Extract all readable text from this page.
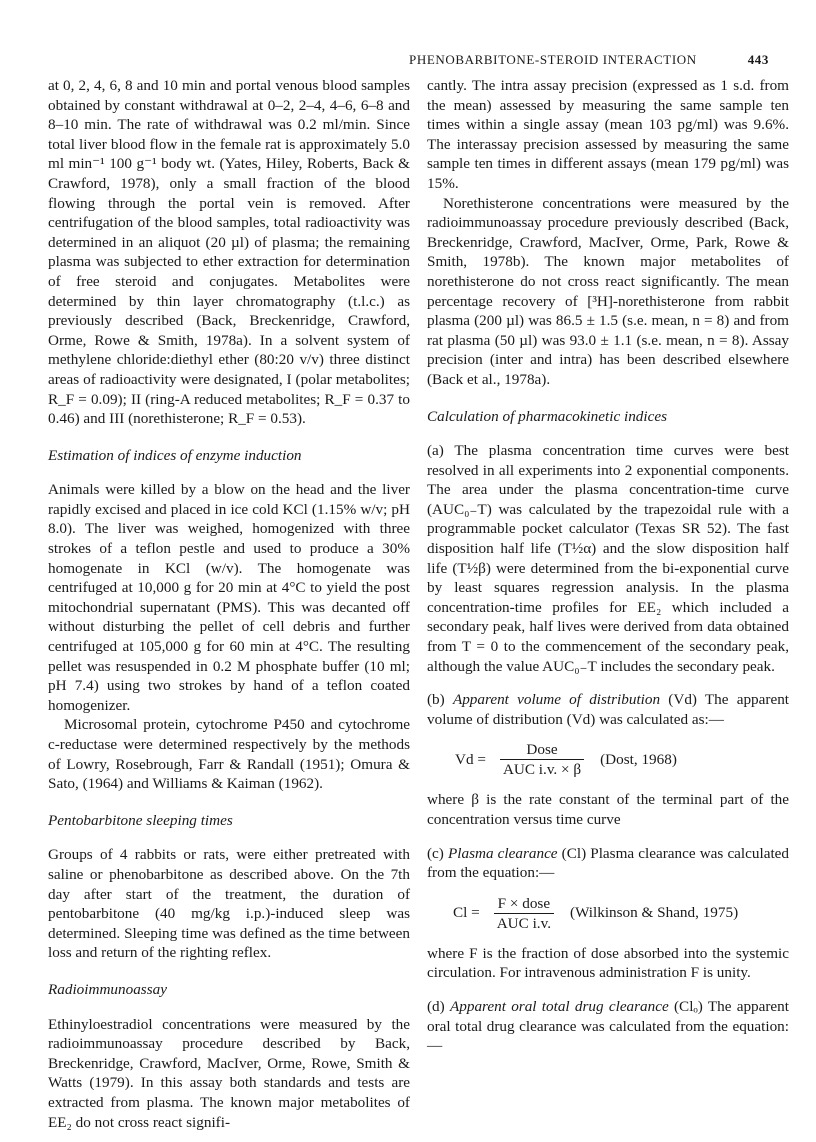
PHENOBARBITONE-STEROID INTERACTION	443

at 0, 2, 4, 6, 8 and 10 min and portal venous blood samples obtained by constant withdrawal at 0–2, 2–4, 4–6, 6–8 and 8–10 min. The rate of withdrawal was 0.2 ml/min. Since total liver blood flow in the female rat is approximately 5.0 ml min⁻¹ 100 g⁻¹ body wt. (Yates, Hiley, Roberts, Back & Crawford, 1978), only a small fraction of the blood flowing through the portal vein is removed. After centrifugation of the blood samples, total radioactivity was determined in an aliquot (20 µl) of plasma; the remaining plasma was subjected to ether extraction for determination of free steroid and conjugates. Metabolites were determined by thin layer chromatography (t.l.c.) as previously described (Back, Breckenridge, Crawford, Orme, Rowe & Smith, 1978a). In a solvent system of methylene chloride:diethyl ether (80:20 v/v) three distinct areas of radioactivity were designated, I (polar metabolites; R_F = 0.09); II (ring-A reduced metabolites; R_F = 0.37 to 0.46) and III (norethisterone; R_F = 0.53).

Estimation of indices of enzyme induction

Animals were killed by a blow on the head and the liver rapidly excised and placed in ice cold KCl (1.15% w/v; pH 8.0). The liver was weighed, homogenized with three strokes of a teflon pestle and used to produce a 30% homogenate in KCl (w/v). The homogenate was centrifuged at 10,000 g for 20 min at 4°C to yield the post mitochondrial supernatant (PMS). This was decanted off without disturbing the pellet of cell debris and further centrifuged at 105,000 g for 60 min at 4°C. The resulting pellet was resuspended in 0.2 M phosphate buffer (10 ml; pH 7.4) using two strokes by hand of a teflon coated homogenizer.

Microsomal protein, cytochrome P450 and cytochrome c-reductase were determined respectively by the methods of Lowry, Rosebrough, Farr & Randall (1951); Omura & Sato, (1964) and Williams & Kaiman (1962).

Pentobarbitone sleeping times

Groups of 4 rabbits or rats, were either pretreated with saline or phenobarbitone as described above. On the 7th day after start of the treatment, the duration of pentobarbitone (40 mg/kg i.p.)-induced sleep was determined. Sleeping time was defined as the time between loss and return of the righting reflex.

Radioimmunoassay

Ethinyloestradiol concentrations were measured by the radioimmunoassay procedure described by Back, Breckenridge, Crawford, MacIver, Orme, Rowe, Smith & Watts (1979). In this assay both standards and tests are extracted from plasma. The known major metabolites of EE₂ do not cross react signifi-

cantly. The intra assay precision (expressed as 1 s.d. from the mean) assessed by measuring the same sample ten times within a single assay (mean 103 pg/ml) was 9.6%. The interassay precision assessed by measuring the same sample ten times in different assays (mean 179 pg/ml) was 15%.

Norethisterone concentrations were measured by the radioimmunoassay procedure previously described (Back, Breckenridge, Crawford, MacIver, Orme, Park, Rowe & Smith, 1978b). The known major metabolites of norethisterone do not cross react significantly. The mean percentage recovery of [³H]-norethisterone from rabbit plasma (200 µl) was 86.5 ± 1.5 (s.e. mean, n = 8) and from rat plasma (50 µl) was 93.0 ± 1.1 (s.e. mean, n = 8). Assay precision (inter and intra) has been described elsewhere (Back et al., 1978a).

Calculation of pharmacokinetic indices

(a) The plasma concentration time curves were best resolved in all experiments into 2 exponential components. The area under the plasma concentration-time curve (AUC₀₋T) was calculated by the trapezoidal rule with a programmable pocket calculator (Texas SR 52). The fast disposition half life (T½α) and the slow disposition half life (T½β) were determined from the bi-exponential curve by least squares regression analysis. In the plasma concentration-time profiles for EE₂ which included a secondary peak, half lives were derived from data obtained from T = 0 to the commencement of the secondary peak, although the value AUC₀₋T includes the secondary peak.

(b) Apparent volume of distribution (Vd) The apparent volume of distribution (Vd) was calculated as:—

$Vd = \frac{\text{Dose}}{\text{AUC i.v. × β}}$ (Dost, 1968)

where β is the rate constant of the terminal part of the concentration versus time curve

(c) Plasma clearance (Cl) Plasma clearance was calculated from the equation:—

$Cl = \frac{\text{F × dose}}{\text{AUC i.v.}}$ (Wilkinson & Shand, 1975)

where F is the fraction of dose absorbed into the systemic circulation. For intravenous administration F is unity.

(d) Apparent oral total drug clearance (Clₒ) The apparent oral total drug clearance was calculated from the equation:—
